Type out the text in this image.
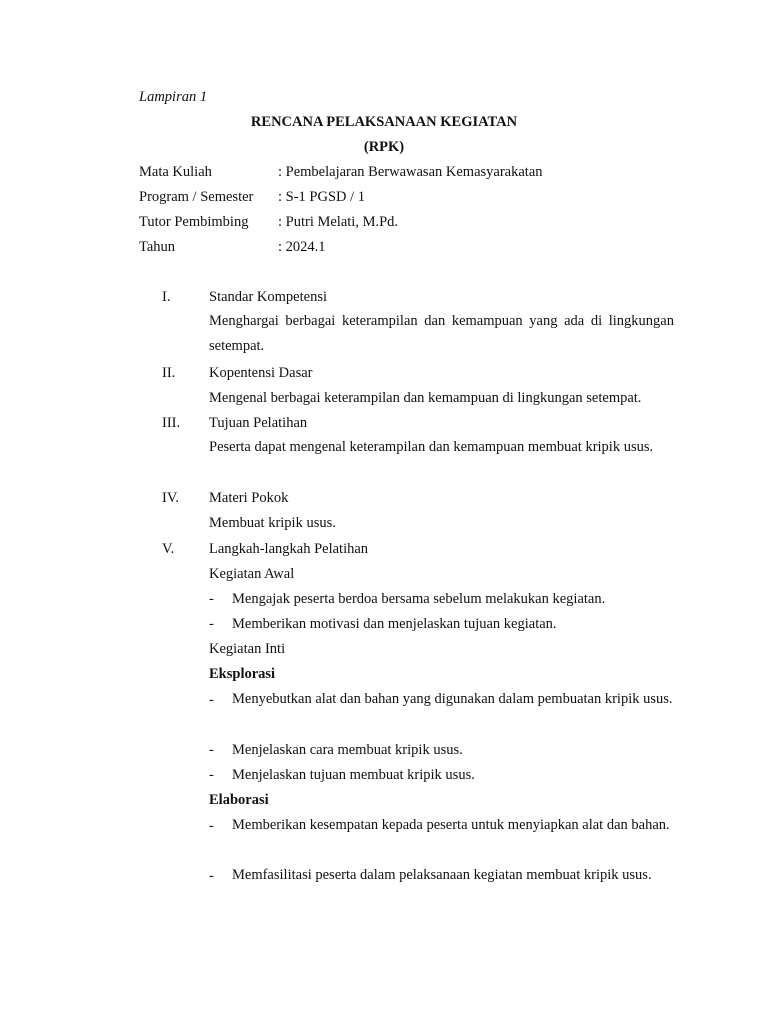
Lampiran 1
RENCANA PELAKSANAAN KEGIATAN
(RPK)
Mata Kuliah	: Pembelajaran Berwawasan Kemasyarakatan
Program / Semester : S-1 PGSD / 1
Tutor Pembimbing : Putri Melati, M.Pd.
Tahun	: 2024.1
I.	Standar Kompetensi
Menghargai berbagai keterampilan dan kemampuan yang ada di lingkungan setempat.
II. Kopentensi Dasar
Mengenal berbagai keterampilan dan kemampuan di lingkungan setempat.
III. Tujuan Pelatihan
Peserta dapat mengenal keterampilan dan kemampuan membuat kripik usus.
IV. Materi Pokok
Membuat kripik usus.
V. Langkah-langkah Pelatihan
Kegiatan Awal
- Mengajak peserta berdoa bersama sebelum melakukan kegiatan.
- Memberikan motivasi dan menjelaskan tujuan kegiatan.
Kegiatan Inti
Eksplorasi
- Menyebutkan alat dan bahan yang digunakan dalam pembuatan kripik usus.
- Menjelaskan cara membuat kripik usus.
- Menjelaskan tujuan membuat kripik usus.
Elaborasi
- Memberikan kesempatan kepada peserta untuk menyiapkan alat dan bahan.
- Memfasilitasi peserta dalam pelaksanaan kegiatan membuat kripik usus.
